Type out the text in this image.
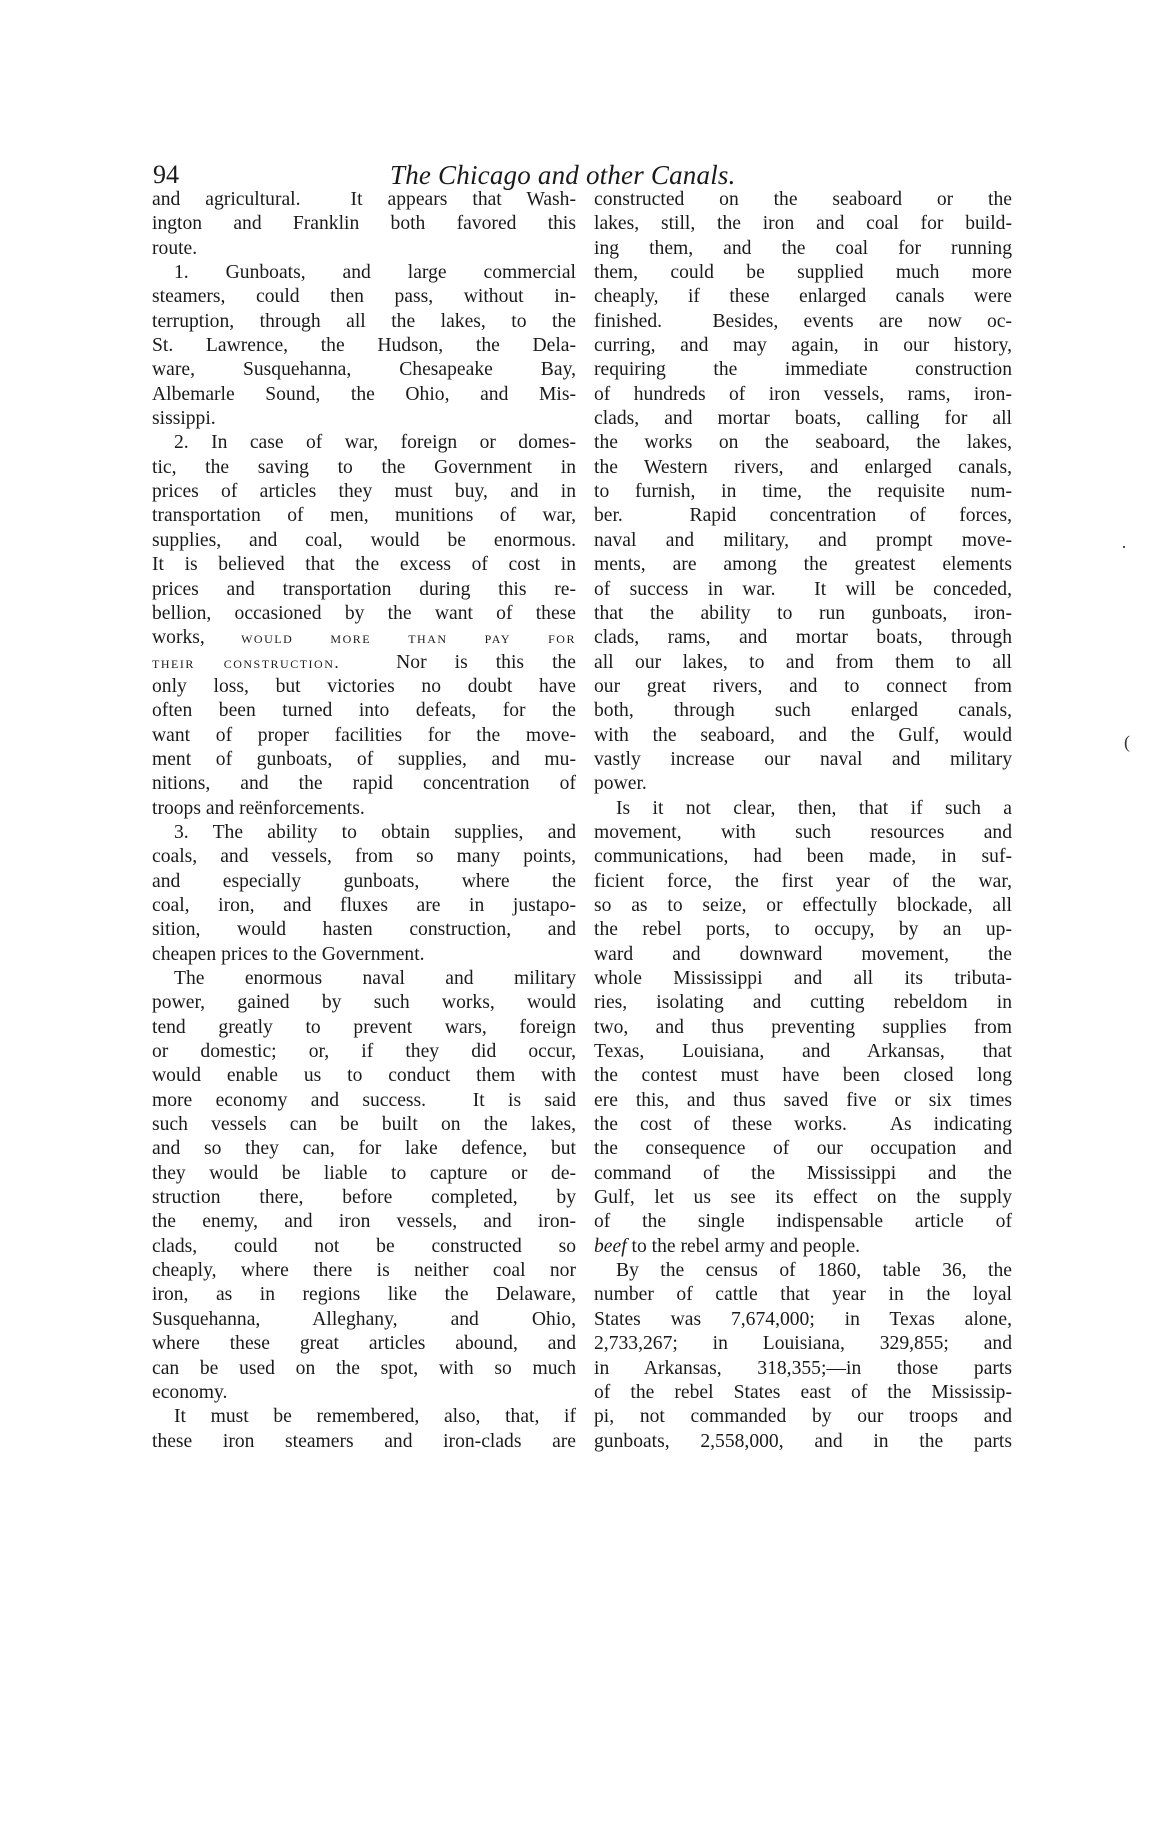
94	The Chicago and other Canals.
and agricultural.  It appears that Wash-
ington and Franklin both favored this
route.
1. Gunboats, and large commercial
steamers, could then pass, without in-
terruption, through all the lakes, to the
St. Lawrence, the Hudson, the Dela-
ware, Susquehanna, Chesapeake Bay,
Albemarle Sound, the Ohio, and Mis-
sissippi.
2. In case of war, foreign or domes-
tic, the saving to the Government in
prices of articles they must buy, and in
transportation of men, munitions of war,
supplies, and coal, would be enormous.
It is believed that the excess of cost in
prices and transportation during this re-
bellion, occasioned by the want of these
works, would more than pay for
their construction.  Nor is this the
only loss, but victories no doubt have
often been turned into defeats, for the
want of proper facilities for the move-
ment of gunboats, of supplies, and mu-
nitions, and the rapid concentration of
troops and reënforcements.
3. The ability to obtain supplies, and
coals, and vessels, from so many points,
and especially gunboats, where the
coal, iron, and fluxes are in justapo-
sition, would hasten construction, and
cheapen prices to the Government.
The enormous naval and military
power, gained by such works, would
tend greatly to prevent wars, foreign
or domestic; or, if they did occur,
would enable us to conduct them with
more economy and success.  It is said
such vessels can be built on the lakes,
and so they can, for lake defence, but
they would be liable to capture or de-
struction there, before completed, by
the enemy, and iron vessels, and iron-
clads, could not be constructed so
cheaply, where there is neither coal nor
iron, as in regions like the Delaware,
Susquehanna, Alleghany, and Ohio,
where these great articles abound, and
can be used on the spot, with so much
economy.
It must be remembered, also, that, if
these iron steamers and iron-clads are
constructed on the seaboard or the
lakes, still, the iron and coal for build-
ing them, and the coal for running
them, could be supplied much more
cheaply, if these enlarged canals were
finished.  Besides, events are now oc-
curring, and may again, in our history,
requiring the immediate construction
of hundreds of iron vessels, rams, iron-
clads, and mortar boats, calling for all
the works on the seaboard, the lakes,
the Western rivers, and enlarged canals,
to furnish, in time, the requisite num-
ber.  Rapid concentration of forces,
naval and military, and prompt move-
ments, are among the greatest elements
of success in war.  It will be conceded,
that the ability to run gunboats, iron-
clads, rams, and mortar boats, through
all our lakes, to and from them to all
our great rivers, and to connect from
both, through such enlarged canals,
with the seaboard, and the Gulf, would
vastly increase our naval and military
power.
Is it not clear, then, that if such a
movement, with such resources and
communications, had been made, in suf-
ficient force, the first year of the war,
so as to seize, or effectully blockade, all
the rebel ports, to occupy, by an up-
ward and downward movement, the
whole Mississippi and all its tributa-
ries, isolating and cutting rebeldom in
two, and thus preventing supplies from
Texas, Louisiana, and Arkansas, that
the contest must have been closed long
ere this, and thus saved five or six times
the cost of these works.  As indicating
the consequence of our occupation and
command of the Mississippi and the
Gulf, let us see its effect on the supply
of the single indispensable article of
beef to the rebel army and people.
By the census of 1860, table 36, the
number of cattle that year in the loyal
States was 7,674,000; in Texas alone,
2,733,267; in Louisiana, 329,855; and
in Arkansas, 318,355;—in those parts
of the rebel States east of the Mississip-
pi, not commanded by our troops and
gunboats, 2,558,000, and in the parts
·
(
